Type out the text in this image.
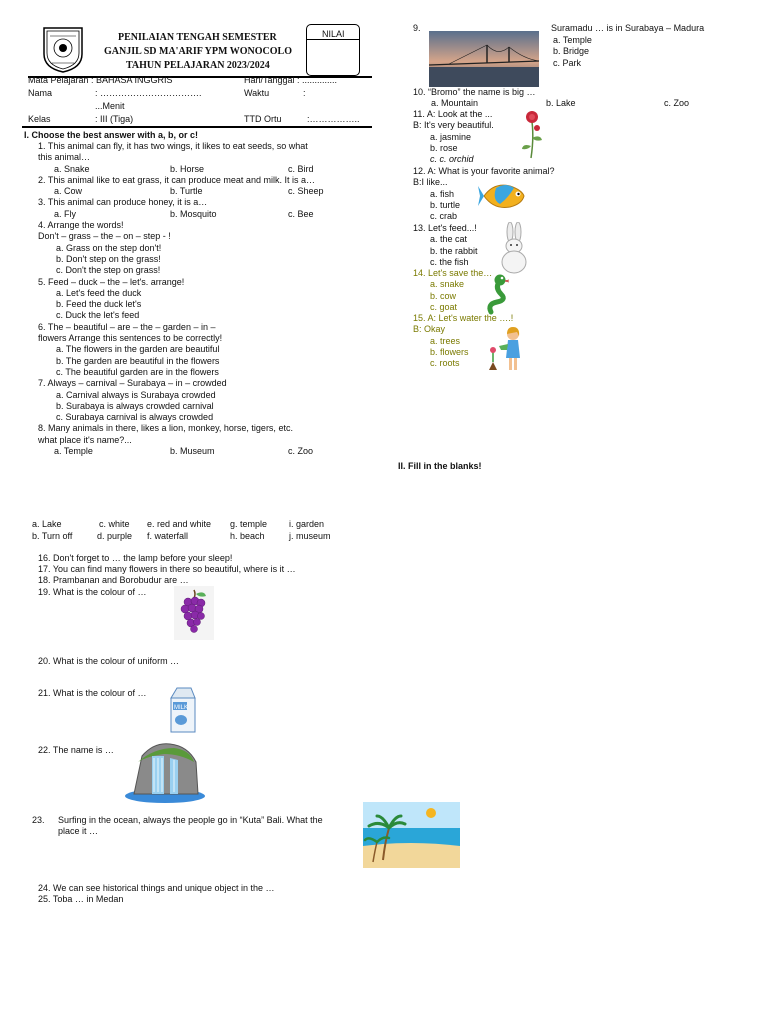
PENILAIAN TENGAH SEMESTER
GANJIL SD MA'ARIF YPM WONOCOLO
TAHUN PELAJARAN 2023/2024
NILAI
Mata Pelajaran : BAHASA INGGRIS	Hari/Tanggal : ..............
Nama	: …………………………….	Waktu	:
...Menit
Kelas	: III (Tiga)	TTD Ortu	:……………..
I. Choose the best answer with a, b, or c!
1. This animal can fly, it has two wings, it likes to eat seeds, so what
this animal…
a. Snake	b. Horse	c. Bird
2. This animal like to eat grass, it can produce meat and milk. It is a…
a. Cow	b. Turtle	c. Sheep
3. This animal can produce honey, it is a…
a. Fly	b. Mosquito	c. Bee
4. Arrange the words!
Don't – grass – the – on – step - !
a. Grass on the step don't!
b. Don't step on the grass!
c. Don't the step on grass!
5. Feed – duck – the – let's. arrange!
a. Let's feed the duck
b. Feed the duck let's
c. Duck the let's feed
6. The – beautiful – are – the – garden – in –
flowers Arrange this sentences to be correctly!
a. The flowers in the garden are beautiful
b. The garden are beautiful in the flowers
c. The beautiful garden are in the flowers
7. Always – carnival – Surabaya – in – crowded
a. Carnival always is Surabaya crowded
b. Surabaya is always crowded carnival
c. Surabaya carnival is always crowded
8. Many animals in there, likes a lion, monkey, horse, tigers, etc.
what place it's name?...
a. Temple	b. Museum	c. Zoo
9.	Suramadu … is in Surabaya – Madura
a. Temple
b. Bridge
c. Park
10. “Bromo” the name is big …
a. Mountain	b. Lake	c. Zoo
11. A: Look at the ...
B: It's very beautiful.
a. jasmine
b. rose
c. c. orchid
12. A: What is your favorite animal?
B:I like...
a. fish
b. turtle
c. crab
13. Let's feed...!
a. the cat
b. the rabbit
c. the fish
14. Let's save the…
a. snake
b. cow
c. goat
15. A: Let's water the ….!
B: Okay
a. trees
b. flowers
c. roots
II. Fill in the blanks!
a. Lake	c. white e. red and white g. temple i. garden
b. Turn off	d. purple f. waterfall	h. beach	j. museum
16. Don't forget to … the lamp before your sleep!
17. You can find many flowers in there so beautiful, where is it …
18. Prambanan and Borobudur are …
19. What is the colour of …
20. What is the colour of uniform …
21. What is the colour of …
MILK
22. The name is …
23. Surfing in the ocean, always the people go in “Kuta” Bali. What the
place it …
24. We can see historical things and unique object in the …
25. Toba … in Medan
